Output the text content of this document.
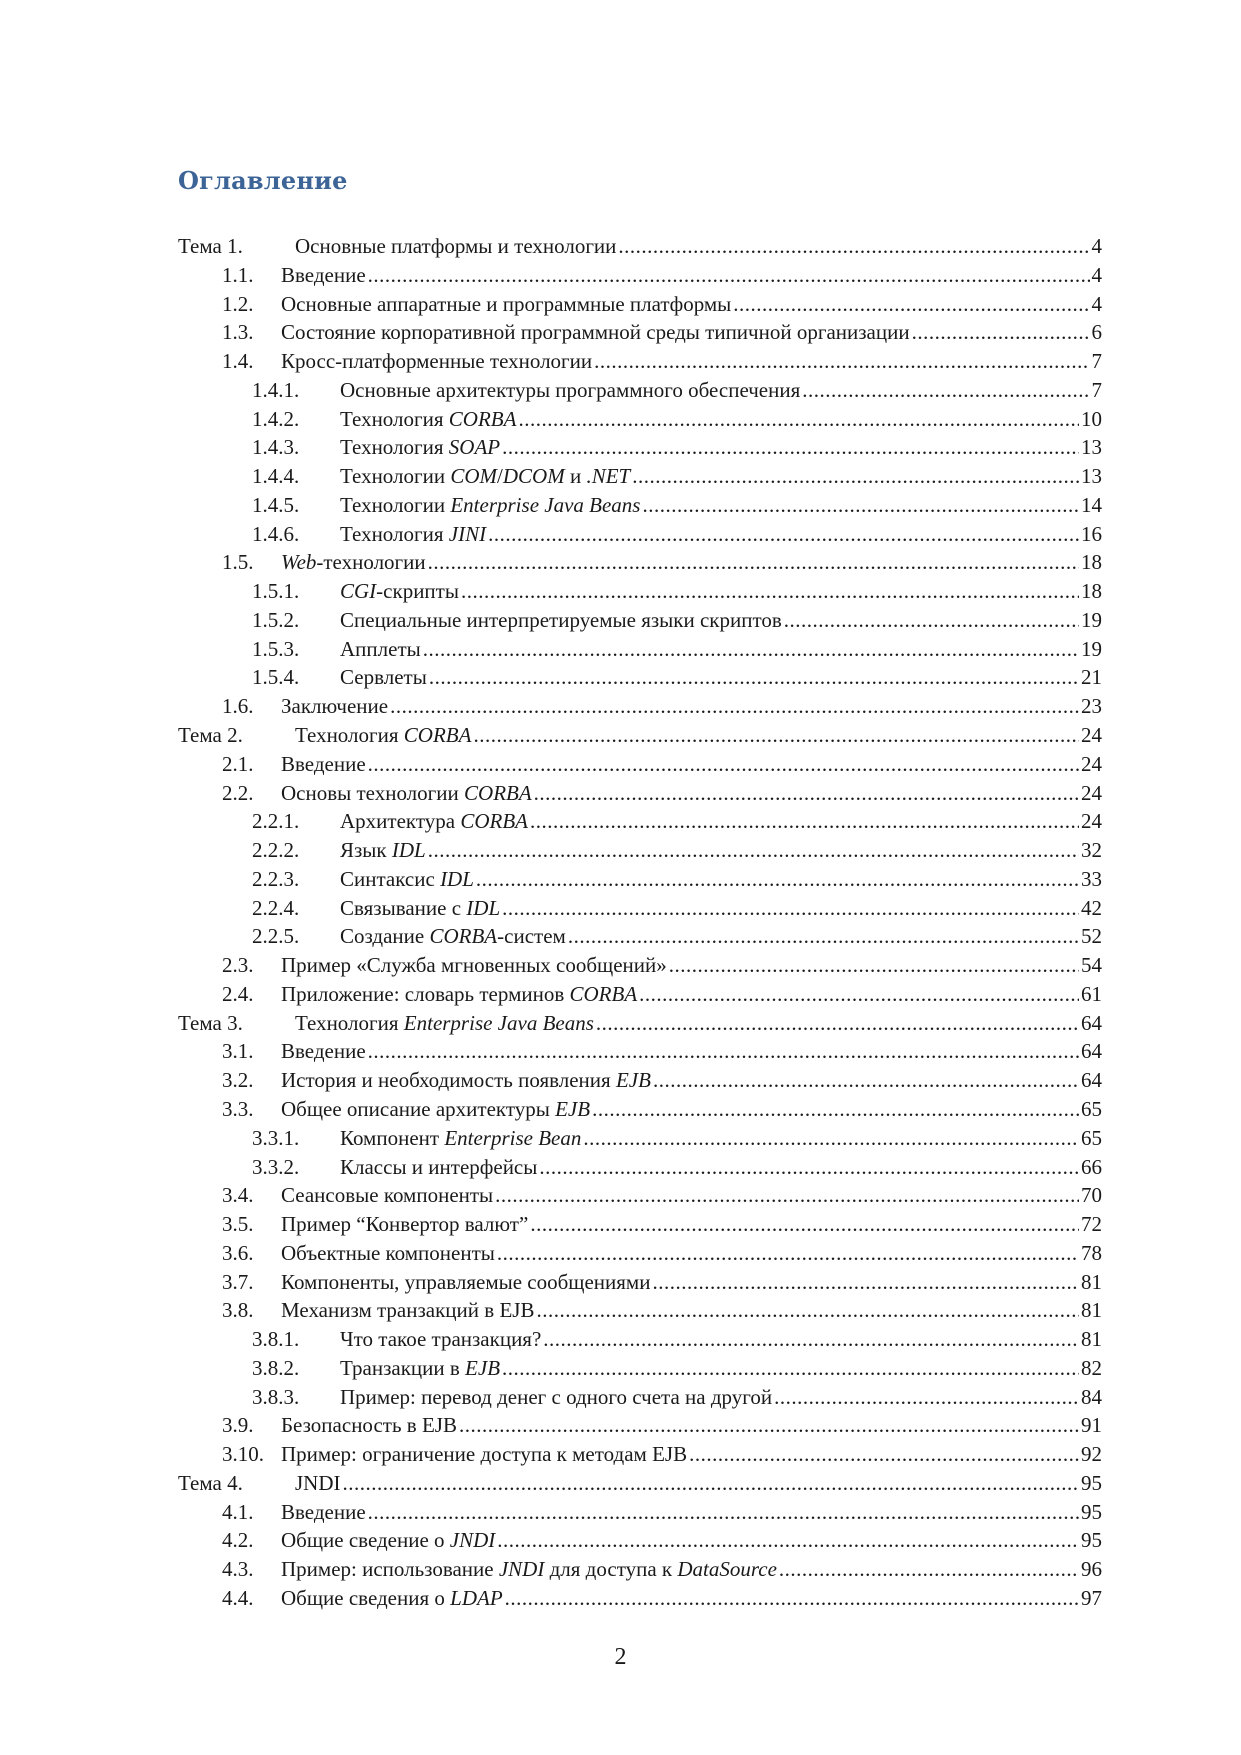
Оглавление
Тема 1. Основные платформы и технологии .....	4
1.1. Введение .....	4
1.2. Основные аппаратные и программные платформы .....	4
1.3. Состояние корпоративной программной среды типичной организации .....	6
1.4. Кросс-платформенные технологии .....	7
1.4.1. Основные архитектуры программного обеспечения .....	7
1.4.2. Технология CORBA .....	10
1.4.3. Технология SOAP .....	13
1.4.4. Технологии COM/DCOM и .NET .....	13
1.4.5. Технологии Enterprise Java Beans .....	14
1.4.6. Технология JINI .....	16
1.5. Web-технологии .....	18
1.5.1. CGI-скрипты .....	18
1.5.2. Специальные интерпретируемые языки скриптов .....	19
1.5.3. Апплеты .....	19
1.5.4. Сервлеты .....	21
1.6. Заключение .....	23
Тема 2. Технология CORBA .....	24
2.1. Введение .....	24
2.2. Основы технологии CORBA .....	24
2.2.1. Архитектура CORBA .....	24
2.2.2. Язык IDL .....	32
2.2.3. Синтаксис IDL .....	33
2.2.4. Связывание с IDL .....	42
2.2.5. Создание CORBA-систем .....	52
2.3. Пример «Служба мгновенных сообщений» .....	54
2.4. Приложение: словарь терминов CORBA .....	61
Тема 3. Технология Enterprise Java Beans .....	64
3.1. Введение .....	64
3.2. История и необходимость появления EJB .....	64
3.3. Общее описание архитектуры EJB .....	65
3.3.1. Компонент Enterprise Bean .....	65
3.3.2. Классы и интерфейсы .....	66
3.4. Сеансовые компоненты .....	70
3.5. Пример “Конвертор валют” .....	72
3.6. Объектные компоненты .....	78
3.7. Компоненты, управляемые сообщениями .....	81
3.8. Механизм транзакций в EJB .....	81
3.8.1. Что такое транзакция? .....	81
3.8.2. Транзакции в EJB .....	82
3.8.3. Пример: перевод денег с одного счета на другой .....	84
3.9. Безопасность в EJB .....	91
3.10. Пример: ограничение доступа к методам EJB .....	92
Тема 4. JNDI .....	95
4.1. Введение .....	95
4.2. Общие сведение о JNDI .....	95
4.3. Пример: использование JNDI для доступа к DataSource .....	96
4.4. Общие сведения о LDAP .....	97
2
